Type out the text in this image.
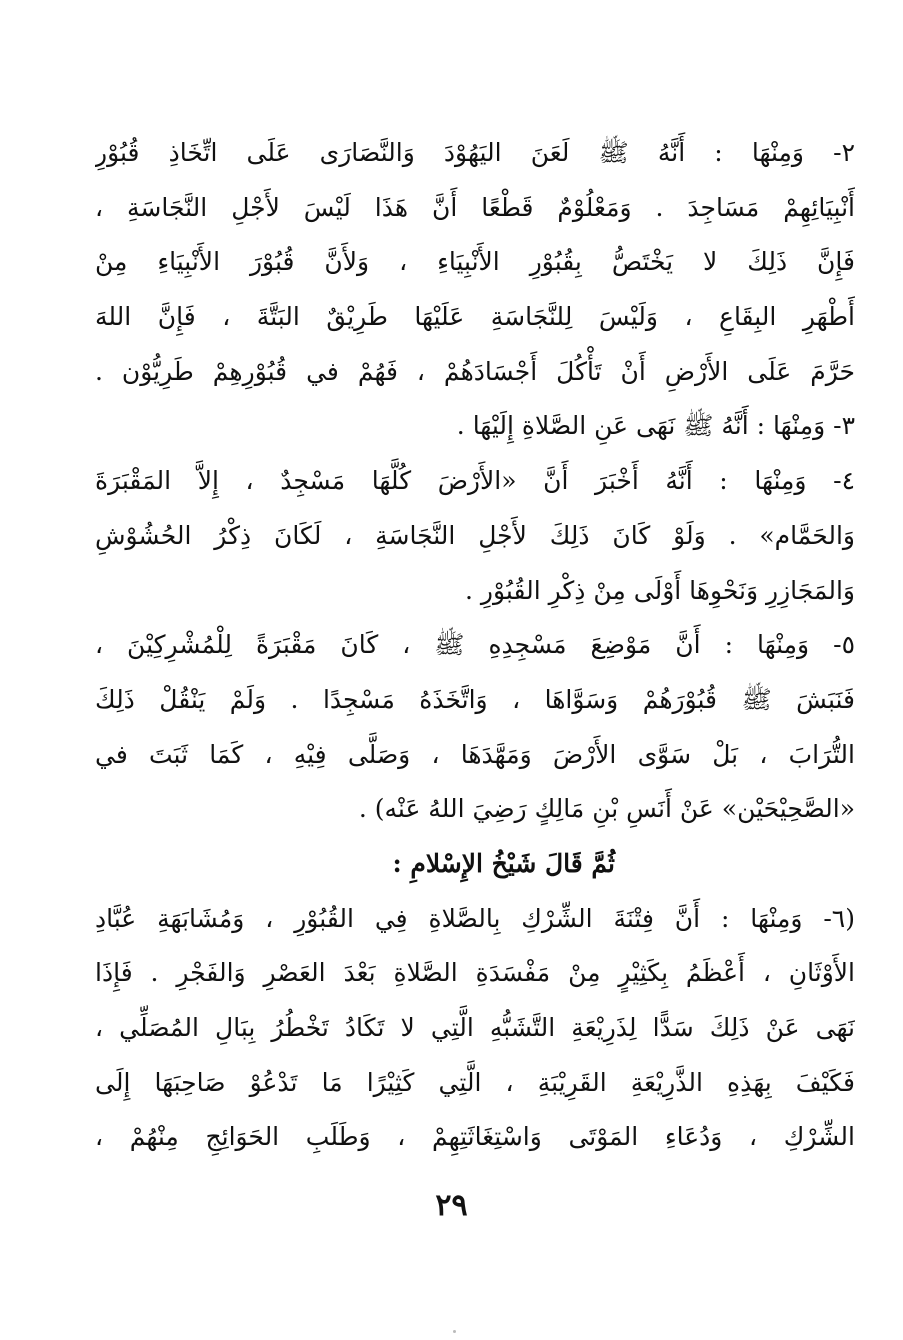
٢- وَمِنْهَا : أَنَّهُ ﷺ لَعَنَ اليَهُوْدَ وَالنَّصَارَى عَلَى اتِّخَاذِ قُبُوْرِ
أَنْبِيَائِهِمْ مَسَاجِدَ . وَمَعْلُوْمٌ قَطْعًا أَنَّ هَذَا لَيْسَ لأَجْلِ النَّجَاسَةِ ،
فَإِنَّ ذَلِكَ لا يَخْتَصُّ بِقُبُوْرِ الأَنْبِيَاءِ ، وَلأَنَّ قُبُوْرَ الأَنْبِيَاءِ مِنْ
أَطْهَرِ البِقَاعِ ، وَلَيْسَ لِلنَّجَاسَةِ عَلَيْهَا طَرِيْقٌ البَتَّةَ ، فَإِنَّ اللهَ
حَرَّمَ عَلَى الأَرْضِ أَنْ تَأْكُلَ أَجْسَادَهُمْ ، فَهُمْ في قُبُوْرِهِمْ طَرِيُّوْن .
٣- وَمِنْهَا : أَنَّهُ ﷺ نَهَى عَنِ الصَّلاةِ إِلَيْهَا .
٤- وَمِنْهَا : أَنَّهُ أَخْبَرَ أَنَّ «الأَرْضَ كُلَّهَا مَسْجِدٌ ، إِلاَّ المَقْبَرَةَ
وَالحَمَّام» . وَلَوْ كَانَ ذَلِكَ لأَجْلِ النَّجَاسَةِ ، لَكَانَ ذِكْرُ الحُشُوْشِ
وَالمَجَازِرِ وَنَحْوِهَا أَوْلَى مِنْ ذِكْرِ القُبُوْرِ .
٥- وَمِنْهَا : أَنَّ مَوْضِعَ مَسْجِدِهِ ﷺ ، كَانَ مَقْبَرَةً لِلْمُشْرِكِيْنَ ،
فَنَبَشَ ﷺ قُبُوْرَهُمْ وَسَوَّاهَا ، وَاتَّخَذَهُ مَسْجِدًا . وَلَمْ يَنْقُلْ ذَلِكَ
التُّرَابَ ، بَلْ سَوَّى الأَرْضَ وَمَهَّدَهَا ، وَصَلَّى فِيْهِ ، كَمَا ثَبَتَ في
«الصَّحِيْحَيْن» عَنْ أَنَسِ بْنِ مَالِكٍ رَضِيَ اللهُ عَنْه) .
ثُمَّ قَالَ شَيْخُ الإِسْلامِ :
(٦- وَمِنْهَا : أَنَّ فِتْنَةَ الشِّرْكِ بِالصَّلاةِ فِي القُبُوْرِ ، وَمُشَابَهَةِ عُبَّادِ
الأَوْثَانِ ، أَعْظَمُ بِكَثِيْرٍ مِنْ مَفْسَدَةِ الصَّلاةِ بَعْدَ العَصْرِ وَالفَجْرِ . فَإِذَا
نَهَى عَنْ ذَلِكَ سَدًّا لِذَرِيْعَةِ التَّشَبُّهِ الَّتِي لا تَكَادُ تَخْطُرُ بِبَالِ المُصَلِّي ،
فَكَيْفَ بِهَذِهِ الذَّرِيْعَةِ القَرِيْبَةِ ، الَّتِي كَثِيْرًا مَا تَدْعُوْ صَاحِبَهَا إِلَى
الشِّرْكِ ، وَدُعَاءِ المَوْتَى وَاسْتِغَاثَتِهِمْ ، وَطَلَبِ الحَوَائِجِ مِنْهُمْ ،
٢٩
